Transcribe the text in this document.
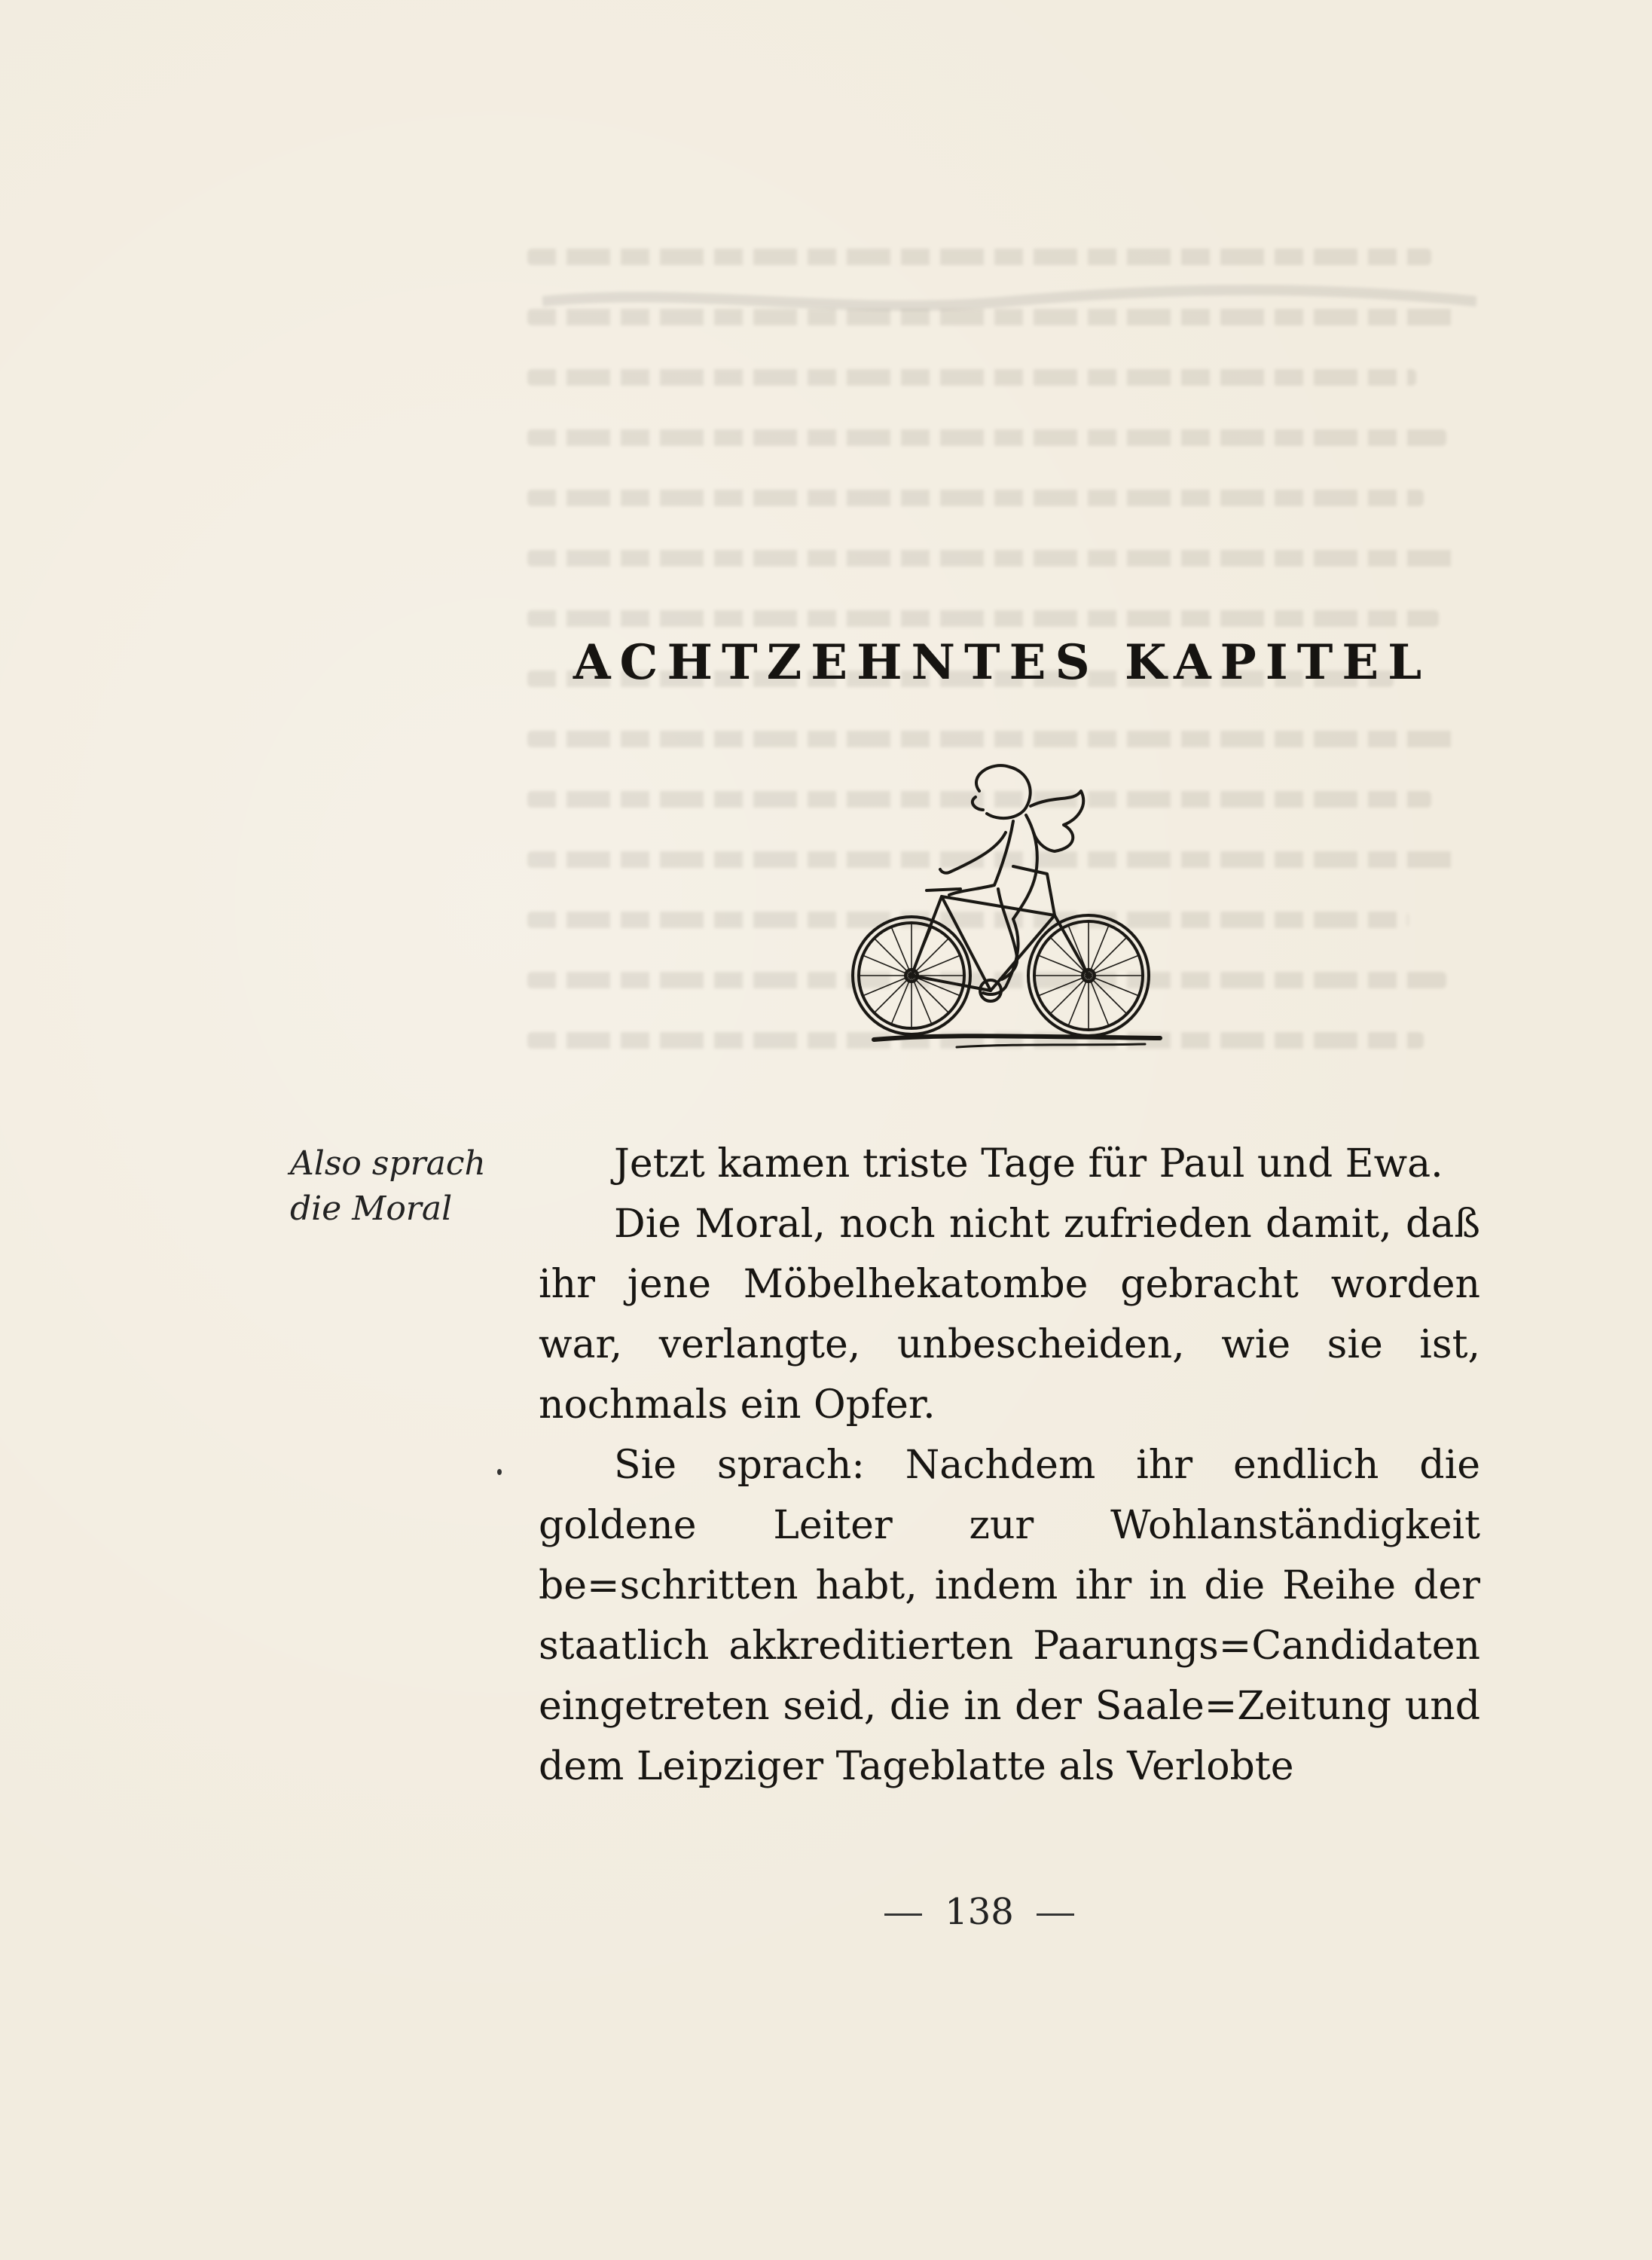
ACHTZEHNTES KAPITEL
Also sprach
die Moral

Jetzt kamen triste Tage für Paul und Ewa.

Die Moral, noch nicht zufrieden damit, daß ihr jene Möbelhekatombe gebracht worden war, verlangte, unbescheiden, wie sie ist, nochmals ein Opfer.

Sie sprach: Nachdem ihr endlich die goldene Leiter zur Wohlanständigkeit be=schritten habt, indem ihr in die Reihe der staatlich akkreditierten Paarungs=Candidaten eingetreten seid, die in der Saale=Zeitung und dem Leipziger Tageblatte als Verlobte

138
